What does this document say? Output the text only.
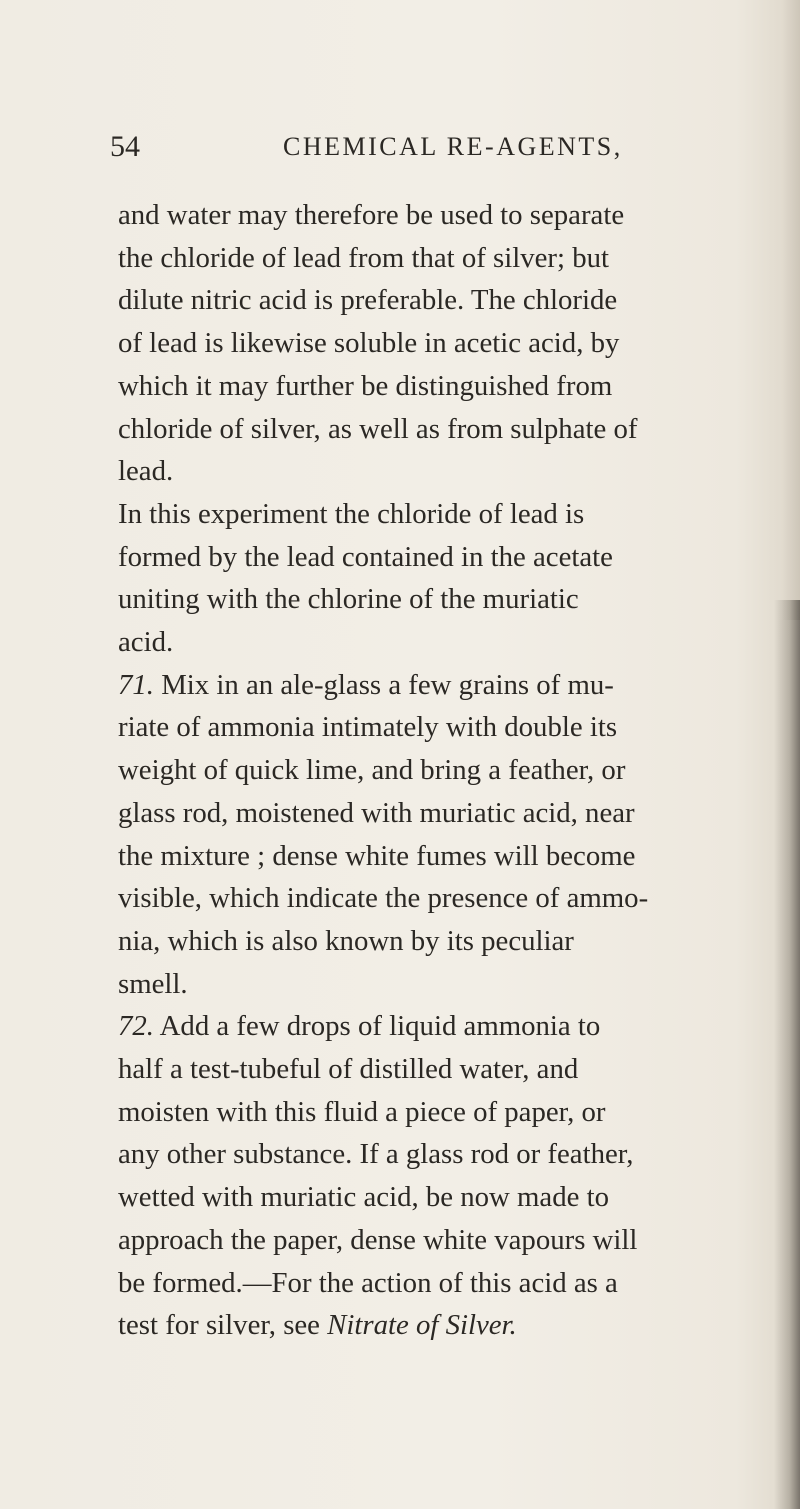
54	CHEMICAL RE-AGENTS,
and water may therefore be used to separate
the chloride of lead from that of silver; but
dilute nitric acid is preferable. The chloride
of lead is likewise soluble in acetic acid, by
which it may further be distinguished from
chloride of silver, as well as from sulphate of
lead.
In this experiment the chloride of lead is
formed by the lead contained in the acetate
uniting with the chlorine of the muriatic
acid.
71. Mix in an ale-glass a few grains of mu-
riate of ammonia intimately with double its
weight of quick lime, and bring a feather, or
glass rod, moistened with muriatic acid, near
the mixture ; dense white fumes will become
visible, which indicate the presence of ammo-
nia, which is also known by its peculiar
smell.
72. Add a few drops of liquid ammonia to
half a test-tubeful of distilled water, and
moisten with this fluid a piece of paper, or
any other substance. If a glass rod or feather,
wetted with muriatic acid, be now made to
approach the paper, dense white vapours will
be formed.—For the action of this acid as a
test for silver, see Nitrate of Silver.
